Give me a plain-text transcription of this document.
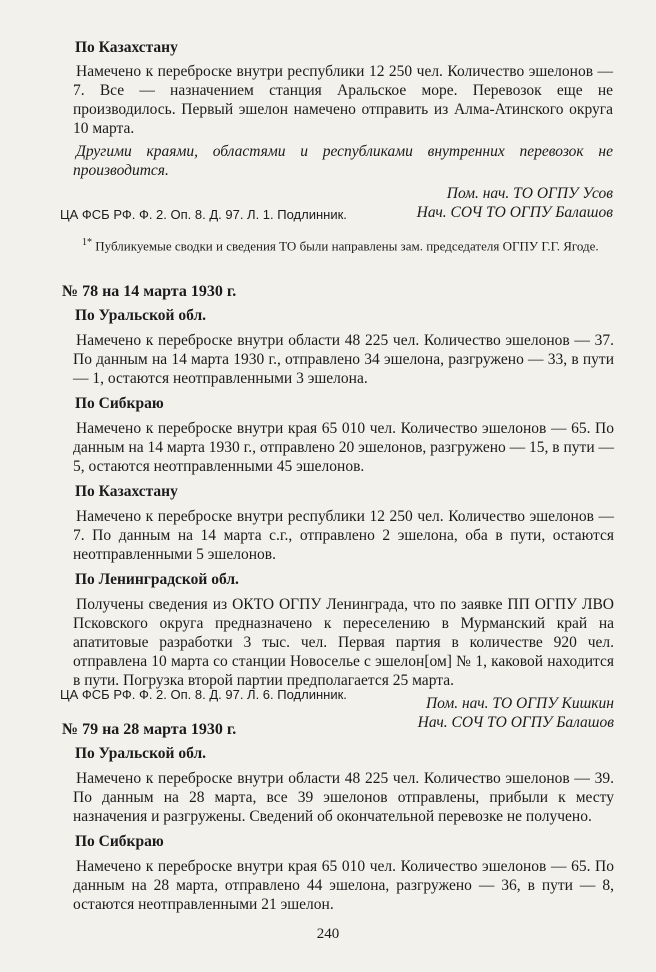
По Казахстану
Намечено к переброске внутри республики 12 250 чел. Количество эшелонов — 7. Все — назначением станция Аральское море. Перевозок еще не производилось. Первый эшелон намечено отправить из Алма-Атинского округа 10 марта.
Другими краями, областями и республиками внутренних перевозок не производится.
Пом. нач. ТО ОГПУ Усов
Нач. СОЧ ТО ОГПУ Балашов
ЦА ФСБ РФ. Ф. 2. Оп. 8. Д. 97. Л. 1. Подлинник.
$^{1*}$ Публикуемые сводки и сведения ТО были направлены зам. председателя ОГПУ Г.Г. Ягоде.
№ 78 на 14 марта 1930 г.
По Уральской обл.
Намечено к переброске внутри области 48 225 чел. Количество эшелонов — 37. По данным на 14 марта 1930 г., отправлено 34 эшелона, разгружено — 33, в пути — 1, остаются неотправленными 3 эшелона.
По Сибкраю
Намечено к переброске внутри края 65 010 чел. Количество эшелонов — 65. По данным на 14 марта 1930 г., отправлено 20 эшелонов, разгружено — 15, в пути — 5, остаются неотправленными 45 эшелонов.
По Казахстану
Намечено к переброске внутри республики 12 250 чел. Количество эшелонов — 7. По данным на 14 марта с.г., отправлено 2 эшелона, оба в пути, остаются неотправленными 5 эшелонов.
По Ленинградской обл.
Получены сведения из ОКТО ОГПУ Ленинграда, что по заявке ПП ОГПУ ЛВО Псковского округа предназначено к переселению в Мурманский край на апатитовые разработки 3 тыс. чел. Первая партия в количестве 920 чел. отправлена 10 марта со станции Новоселье с эшелон[ом] № 1, каковой находится в пути. Погрузка второй партии предполагается 25 марта.
Пом. нач. ТО ОГПУ Кишкин
Нач. СОЧ ТО ОГПУ Балашов
ЦА ФСБ РФ. Ф. 2. Оп. 8. Д. 97. Л. 6. Подлинник.
№ 79 на 28 марта 1930 г.
По Уральской обл.
Намечено к переброске внутри области 48 225 чел. Количество эшелонов — 39. По данным на 28 марта, все 39 эшелонов отправлены, прибыли к месту назначения и разгружены. Сведений об окончательной перевозке не получено.
По Сибкраю
Намечено к переброске внутри края 65 010 чел. Количество эшелонов — 65. По данным на 28 марта, отправлено 44 эшелона, разгружено — 36, в пути — 8, остаются неотправленными 21 эшелон.
240
